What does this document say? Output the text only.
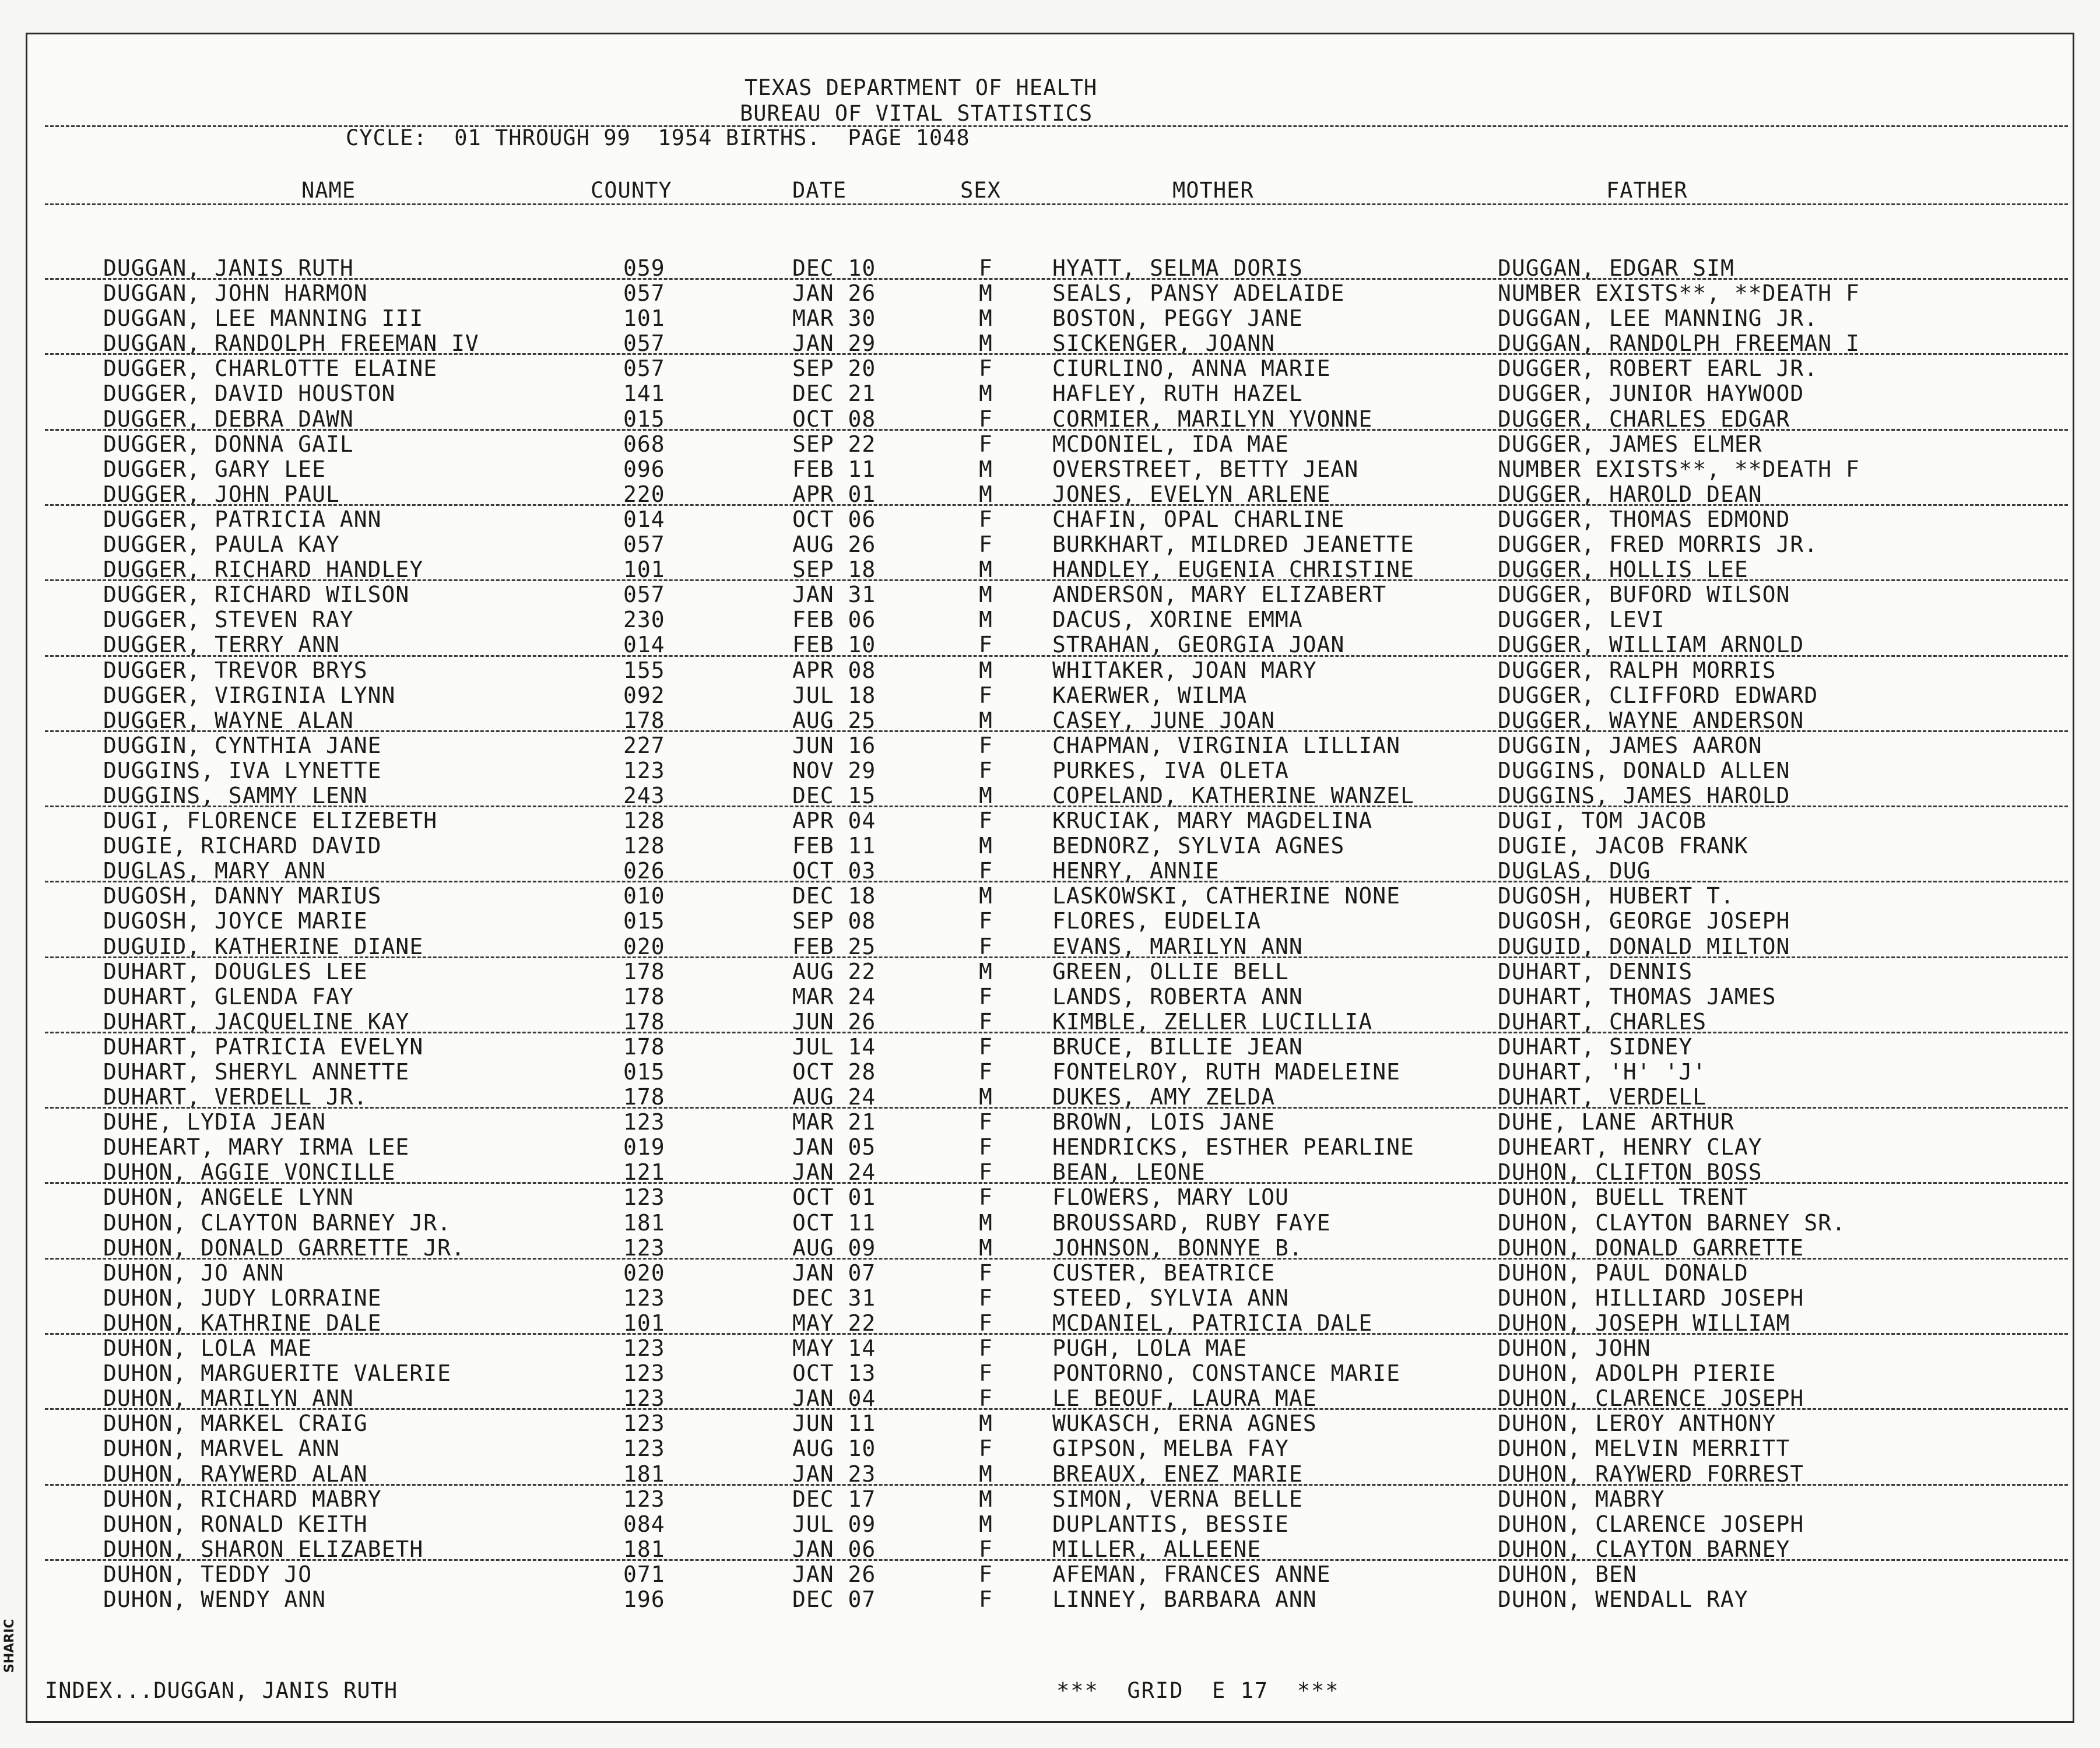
TEXAS DEPARTMENT OF HEALTH
BUREAU OF VITAL STATISTICS
CYCLE:  01 THROUGH 99  1954 BIRTHS.  PAGE 1048
NAME	COUNTY	DATE	SEX	MOTHER	FATHER
DUGGAN, JANIS RUTH	059	DEC 10	F	HYATT, SELMA DORIS	DUGGAN, EDGAR SIM
DUGGAN, JOHN HARMON	057	JAN 26	M	SEALS, PANSY ADELAIDE	NUMBER EXISTS**, **DEATH F
DUGGAN, LEE MANNING III	101	MAR 30	M	BOSTON, PEGGY JANE	DUGGAN, LEE MANNING JR.
DUGGAN, RANDOLPH FREEMAN IV	057	JAN 29	M	SICKENGER, JOANN	DUGGAN, RANDOLPH FREEMAN I
DUGGER, CHARLOTTE ELAINE	057	SEP 20	F	CIURLINO, ANNA MARIE	DUGGER, ROBERT EARL JR.
DUGGER, DAVID HOUSTON	141	DEC 21	M	HAFLEY, RUTH HAZEL	DUGGER, JUNIOR HAYWOOD
DUGGER, DEBRA DAWN	015	OCT 08	F	CORMIER, MARILYN YVONNE	DUGGER, CHARLES EDGAR
DUGGER, DONNA GAIL	068	SEP 22	F	MCDONIEL, IDA MAE	DUGGER, JAMES ELMER
DUGGER, GARY LEE	096	FEB 11	M	OVERSTREET, BETTY JEAN	NUMBER EXISTS**, **DEATH F
DUGGER, JOHN PAUL	220	APR 01	M	JONES, EVELYN ARLENE	DUGGER, HAROLD DEAN
DUGGER, PATRICIA ANN	014	OCT 06	F	CHAFIN, OPAL CHARLINE	DUGGER, THOMAS EDMOND
DUGGER, PAULA KAY	057	AUG 26	F	BURKHART, MILDRED JEANETTE	DUGGER, FRED MORRIS JR.
DUGGER, RICHARD HANDLEY	101	SEP 18	M	HANDLEY, EUGENIA CHRISTINE	DUGGER, HOLLIS LEE
DUGGER, RICHARD WILSON	057	JAN 31	M	ANDERSON, MARY ELIZABERT	DUGGER, BUFORD WILSON
DUGGER, STEVEN RAY	230	FEB 06	M	DACUS, XORINE EMMA	DUGGER, LEVI
DUGGER, TERRY ANN	014	FEB 10	F	STRAHAN, GEORGIA JOAN	DUGGER, WILLIAM ARNOLD
DUGGER, TREVOR BRYS	155	APR 08	M	WHITAKER, JOAN MARY	DUGGER, RALPH MORRIS
DUGGER, VIRGINIA LYNN	092	JUL 18	F	KAERWER, WILMA	DUGGER, CLIFFORD EDWARD
DUGGER, WAYNE ALAN	178	AUG 25	M	CASEY, JUNE JOAN	DUGGER, WAYNE ANDERSON
DUGGIN, CYNTHIA JANE	227	JUN 16	F	CHAPMAN, VIRGINIA LILLIAN	DUGGIN, JAMES AARON
DUGGINS, IVA LYNETTE	123	NOV 29	F	PURKES, IVA OLETA	DUGGINS, DONALD ALLEN
DUGGINS, SAMMY LENN	243	DEC 15	M	COPELAND, KATHERINE WANZEL	DUGGINS, JAMES HAROLD
DUGI, FLORENCE ELIZEBETH	128	APR 04	F	KRUCIAK, MARY MAGDELINA	DUGI, TOM JACOB
DUGIE, RICHARD DAVID	128	FEB 11	M	BEDNORZ, SYLVIA AGNES	DUGIE, JACOB FRANK
DUGLAS, MARY ANN	026	OCT 03	F	HENRY, ANNIE	DUGLAS, DUG
DUGOSH, DANNY MARIUS	010	DEC 18	M	LASKOWSKI, CATHERINE NONE	DUGOSH, HUBERT T.
DUGOSH, JOYCE MARIE	015	SEP 08	F	FLORES, EUDELIA	DUGOSH, GEORGE JOSEPH
DUGUID, KATHERINE DIANE	020	FEB 25	F	EVANS, MARILYN ANN	DUGUID, DONALD MILTON
DUHART, DOUGLES LEE	178	AUG 22	M	GREEN, OLLIE BELL	DUHART, DENNIS
DUHART, GLENDA FAY	178	MAR 24	F	LANDS, ROBERTA ANN	DUHART, THOMAS JAMES
DUHART, JACQUELINE KAY	178	JUN 26	F	KIMBLE, ZELLER LUCILLIA	DUHART, CHARLES
DUHART, PATRICIA EVELYN	178	JUL 14	F	BRUCE, BILLIE JEAN	DUHART, SIDNEY
DUHART, SHERYL ANNETTE	015	OCT 28	F	FONTELROY, RUTH MADELEINE	DUHART, 'H' 'J'
DUHART, VERDELL JR.	178	AUG 24	M	DUKES, AMY ZELDA	DUHART, VERDELL
DUHE, LYDIA JEAN	123	MAR 21	F	BROWN, LOIS JANE	DUHE, LANE ARTHUR
DUHEART, MARY IRMA LEE	019	JAN 05	F	HENDRICKS, ESTHER PEARLINE	DUHEART, HENRY CLAY
DUHON, AGGIE VONCILLE	121	JAN 24	F	BEAN, LEONE	DUHON, CLIFTON BOSS
DUHON, ANGELE LYNN	123	OCT 01	F	FLOWERS, MARY LOU	DUHON, BUELL TRENT
DUHON, CLAYTON BARNEY JR.	181	OCT 11	M	BROUSSARD, RUBY FAYE	DUHON, CLAYTON BARNEY SR.
DUHON, DONALD GARRETTE JR.	123	AUG 09	M	JOHNSON, BONNYE B.	DUHON, DONALD GARRETTE
DUHON, JO ANN	020	JAN 07	F	CUSTER, BEATRICE	DUHON, PAUL DONALD
DUHON, JUDY LORRAINE	123	DEC 31	F	STEED, SYLVIA ANN	DUHON, HILLIARD JOSEPH
DUHON, KATHRINE DALE	101	MAY 22	F	MCDANIEL, PATRICIA DALE	DUHON, JOSEPH WILLIAM
DUHON, LOLA MAE	123	MAY 14	F	PUGH, LOLA MAE	DUHON, JOHN
DUHON, MARGUERITE VALERIE	123	OCT 13	F	PONTORNO, CONSTANCE MARIE	DUHON, ADOLPH PIERIE
DUHON, MARILYN ANN	123	JAN 04	F	LE BEOUF, LAURA MAE	DUHON, CLARENCE JOSEPH
DUHON, MARKEL CRAIG	123	JUN 11	M	WUKASCH, ERNA AGNES	DUHON, LEROY ANTHONY
DUHON, MARVEL ANN	123	AUG 10	F	GIPSON, MELBA FAY	DUHON, MELVIN MERRITT
DUHON, RAYWERD ALAN	181	JAN 23	M	BREAUX, ENEZ MARIE	DUHON, RAYWERD FORREST
DUHON, RICHARD MABRY	123	DEC 17	M	SIMON, VERNA BELLE	DUHON, MABRY
DUHON, RONALD KEITH	084	JUL 09	M	DUPLANTIS, BESSIE	DUHON, CLARENCE JOSEPH
DUHON, SHARON ELIZABETH	181	JAN 06	F	MILLER, ALLEENE	DUHON, CLAYTON BARNEY
DUHON, TEDDY JO	071	JAN 26	F	AFEMAN, FRANCES ANNE	DUHON, BEN
DUHON, WENDY ANN	196	DEC 07	F	LINNEY, BARBARA ANN	DUHON, WENDALL RAY
INDEX...DUGGAN, JANIS RUTH	***  GRID  E 17  ***
SHARIC
